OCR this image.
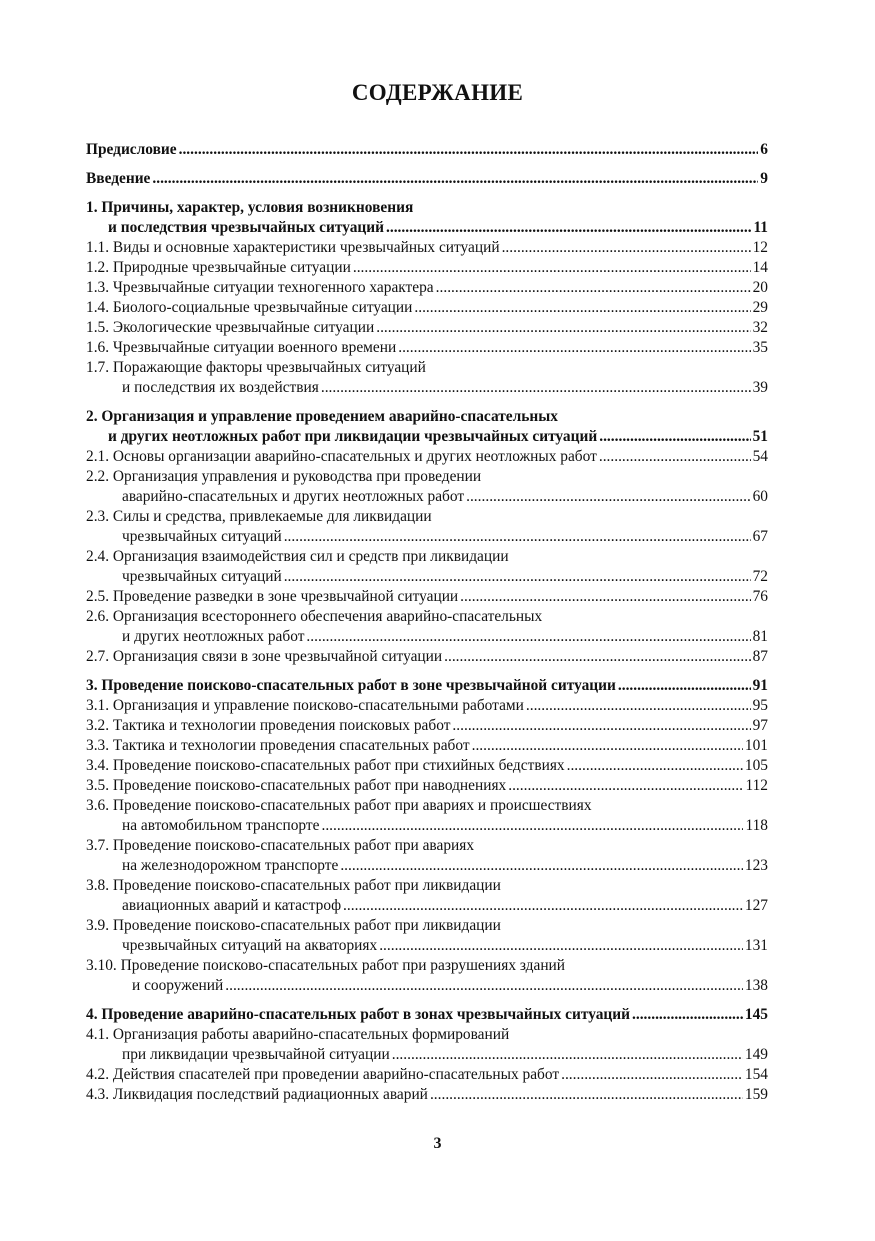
СОДЕРЖАНИЕ
Предисловие .....	6
Введение .....	9
1. Причины, характер, условия возникновения
и последствия чрезвычайных ситуаций .....	11
1.1. Виды и основные характеристики чрезвычайных ситуаций .....	12
1.2. Природные чрезвычайные ситуации .....	14
1.3. Чрезвычайные ситуации техногенного характера .....	20
1.4. Биолого-социальные чрезвычайные ситуации .....	29
1.5. Экологические чрезвычайные ситуации .....	32
1.6. Чрезвычайные ситуации военного времени .....	35
1.7. Поражающие факторы чрезвычайных ситуаций
и последствия их воздействия .....	39
2. Организация и управление проведением аварийно-спасательных
и других неотложных работ при ликвидации чрезвычайных ситуаций .....	51
2.1. Основы организации аварийно-спасательных и других неотложных работ .....	54
2.2. Организация управления и руководства при проведении
аварийно-спасательных и других неотложных работ .....	60
2.3. Силы и средства, привлекаемые для ликвидации
чрезвычайных ситуаций .....	67
2.4. Организация взаимодействия сил и средств при ликвидации
чрезвычайных ситуаций .....	72
2.5. Проведение разведки в зоне чрезвычайной ситуации .....	76
2.6. Организация всестороннего обеспечения аварийно-спасательных
и других неотложных работ .....	81
2.7. Организация связи в зоне чрезвычайной ситуации .....	87
3. Проведение поисково-спасательных работ в зоне чрезвычайной ситуации .....	91
3.1. Организация и управление поисково-спасательными работами .....	95
3.2. Тактика и технологии проведения поисковых работ .....	97
3.3. Тактика и технологии проведения спасательных работ .....	101
3.4. Проведение поисково-спасательных работ при стихийных бедствиях .....	105
3.5. Проведение поисково-спасательных работ при наводнениях .....	112
3.6. Проведение поисково-спасательных работ при авариях и происшествиях
на автомобильном транспорте .....	118
3.7. Проведение поисково-спасательных работ при авариях
на железнодорожном транспорте .....	123
3.8. Проведение поисково-спасательных работ при ликвидации
авиационных аварий и катастроф .....	127
3.9. Проведение поисково-спасательных работ при ликвидации
чрезвычайных ситуаций на акваториях .....	131
3.10. Проведение поисково-спасательных работ при разрушениях зданий
и сооружений .....	138
4. Проведение аварийно-спасательных работ в зонах чрезвычайных ситуаций .....	145
4.1. Организация работы аварийно-спасательных формирований
при ликвидации чрезвычайной ситуации .....	149
4.2. Действия спасателей при проведении аварийно-спасательных работ .....	154
4.3. Ликвидация последствий радиационных аварий .....	159
3
